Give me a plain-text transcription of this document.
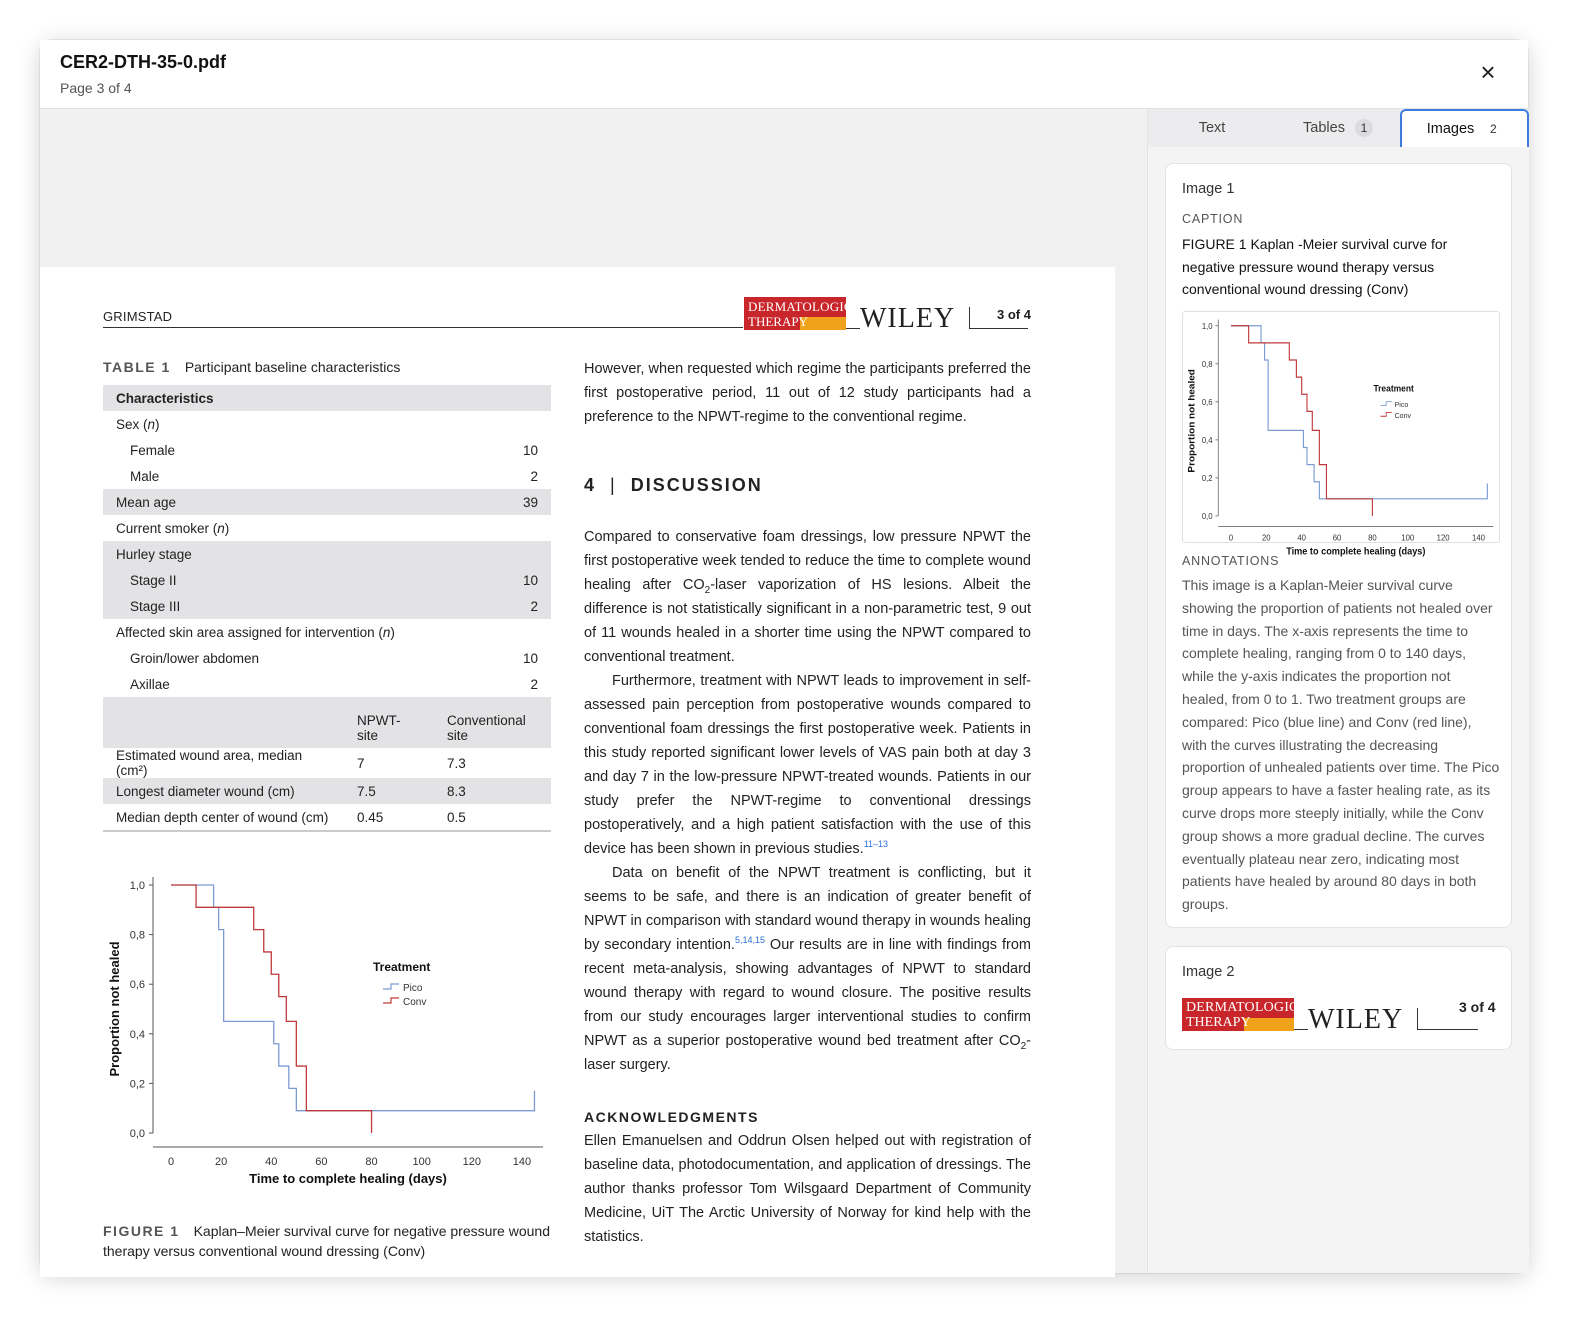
CER2-DTH-35-0.pdf
Page 3 of 4
×
GRIMSTAD
DERMATOLOGIC
THERAPY WILEY	3 of 4
TABLE 1 Participant baseline characteristics
Characteristics		
Sex (n)		
Female		10
Male		2
Mean age		39
Current smoker (n)		
Hurley stage		
Stage II		10
Stage III		2
Affected skin area assigned for intervention (n)		
Groin/lower abdomen		10
Axillae		2
	NPWT-site	Conventional site
Estimated wound area, median (cm²)	7	7.3
Longest diameter wound (cm)	7.5	8.3
Median depth center of wound (cm)	0.45	0.5
0,0
0,2
0,4
0,6
0,8
1,0
0	20	40	60	80	100	120	140
Time to complete healing (days)
Proportion not healed	Treatment
Pico
Conv
FIGURE 1 Kaplan–Meier survival curve for negative pressure wound therapy versus conventional wound dressing (Conv)

However, when requested which regime the participants preferred the first postoperative period, 11 out of 12 study participants had a preference to the NPWT-regime to the conventional regime.

4 | DISCUSSION

Compared to conservative foam dressings, low pressure NPWT the first postoperative week tended to reduce the time to complete wound healing after $CO_2$-laser vaporization of HS lesions. Albeit the difference is not statistically significant in a non-parametric test, 9 out of 11 wounds healed in a shorter time using the NPWT compared to conventional treatment.

Furthermore, treatment with NPWT leads to improvement in self-assessed pain perception from postoperative wounds compared to conventional foam dressings the first postoperative week. Patients in this study reported significant lower levels of VAS pain both at day 3 and day 7 in the low-pressure NPWT-treated wounds. Patients in our study prefer the NPWT-regime to conventional dressings postoperatively, and a high patient satisfaction with the use of this device has been shown in previous studies.$^{11-13}$

Data on benefit of the NPWT treatment is conflicting, but it seems to be safe, and there is an indication of greater benefit of NPWT in comparison with standard wound therapy in wounds healing by secondary intention.$^{5,14,15}$ Our results are in line with findings from recent meta-analysis, showing advantages of NPWT to standard wound therapy with regard to wound closure. The positive results from our study encourages larger interventional studies to confirm NPWT as a superior postoperative wound bed treatment after $CO_2$-laser surgery.

ACKNOWLEDGMENTS

Ellen Emanuelsen and Oddrun Olsen helped out with registration of baseline data, photodocumentation, and application of dressings. The author thanks professor Tom Wilsgaard Department of Community Medicine, UiT The Arctic University of Norway for kind help with the statistics.

Text	Tables	1	Images	2
Image 1
CAPTION
FIGURE 1 Kaplan -Meier survival curve for negative pressure wound therapy versus conventional wound dressing (Conv)
0,0
0,2
0,4
0,6
0,8
1,0
0	20 40 60 80 100 120 140
Time to complete healing (days)
Proportion not healed	Treatment
Pico
Conv
ANNOTATIONS
This image is a Kaplan-Meier survival curve showing the proportion of patients not healed over time in days. The x-axis represents the time to complete healing, ranging from 0 to 140 days, while the y-axis indicates the proportion not healed, from 0 to 1. Two treatment groups are compared: Pico (blue line) and Conv (red line), with the curves illustrating the decreasing proportion of unhealed patients over time. The Pico group appears to have a faster healing rate, as its curve drops more steeply initially, while the Conv group shows a more gradual decline. The curves eventually plateau near zero, indicating most patients have healed by around 80 days in both groups.
Image 2
DERMATOLOGIC
THERAPY WILEY	3 of 4
